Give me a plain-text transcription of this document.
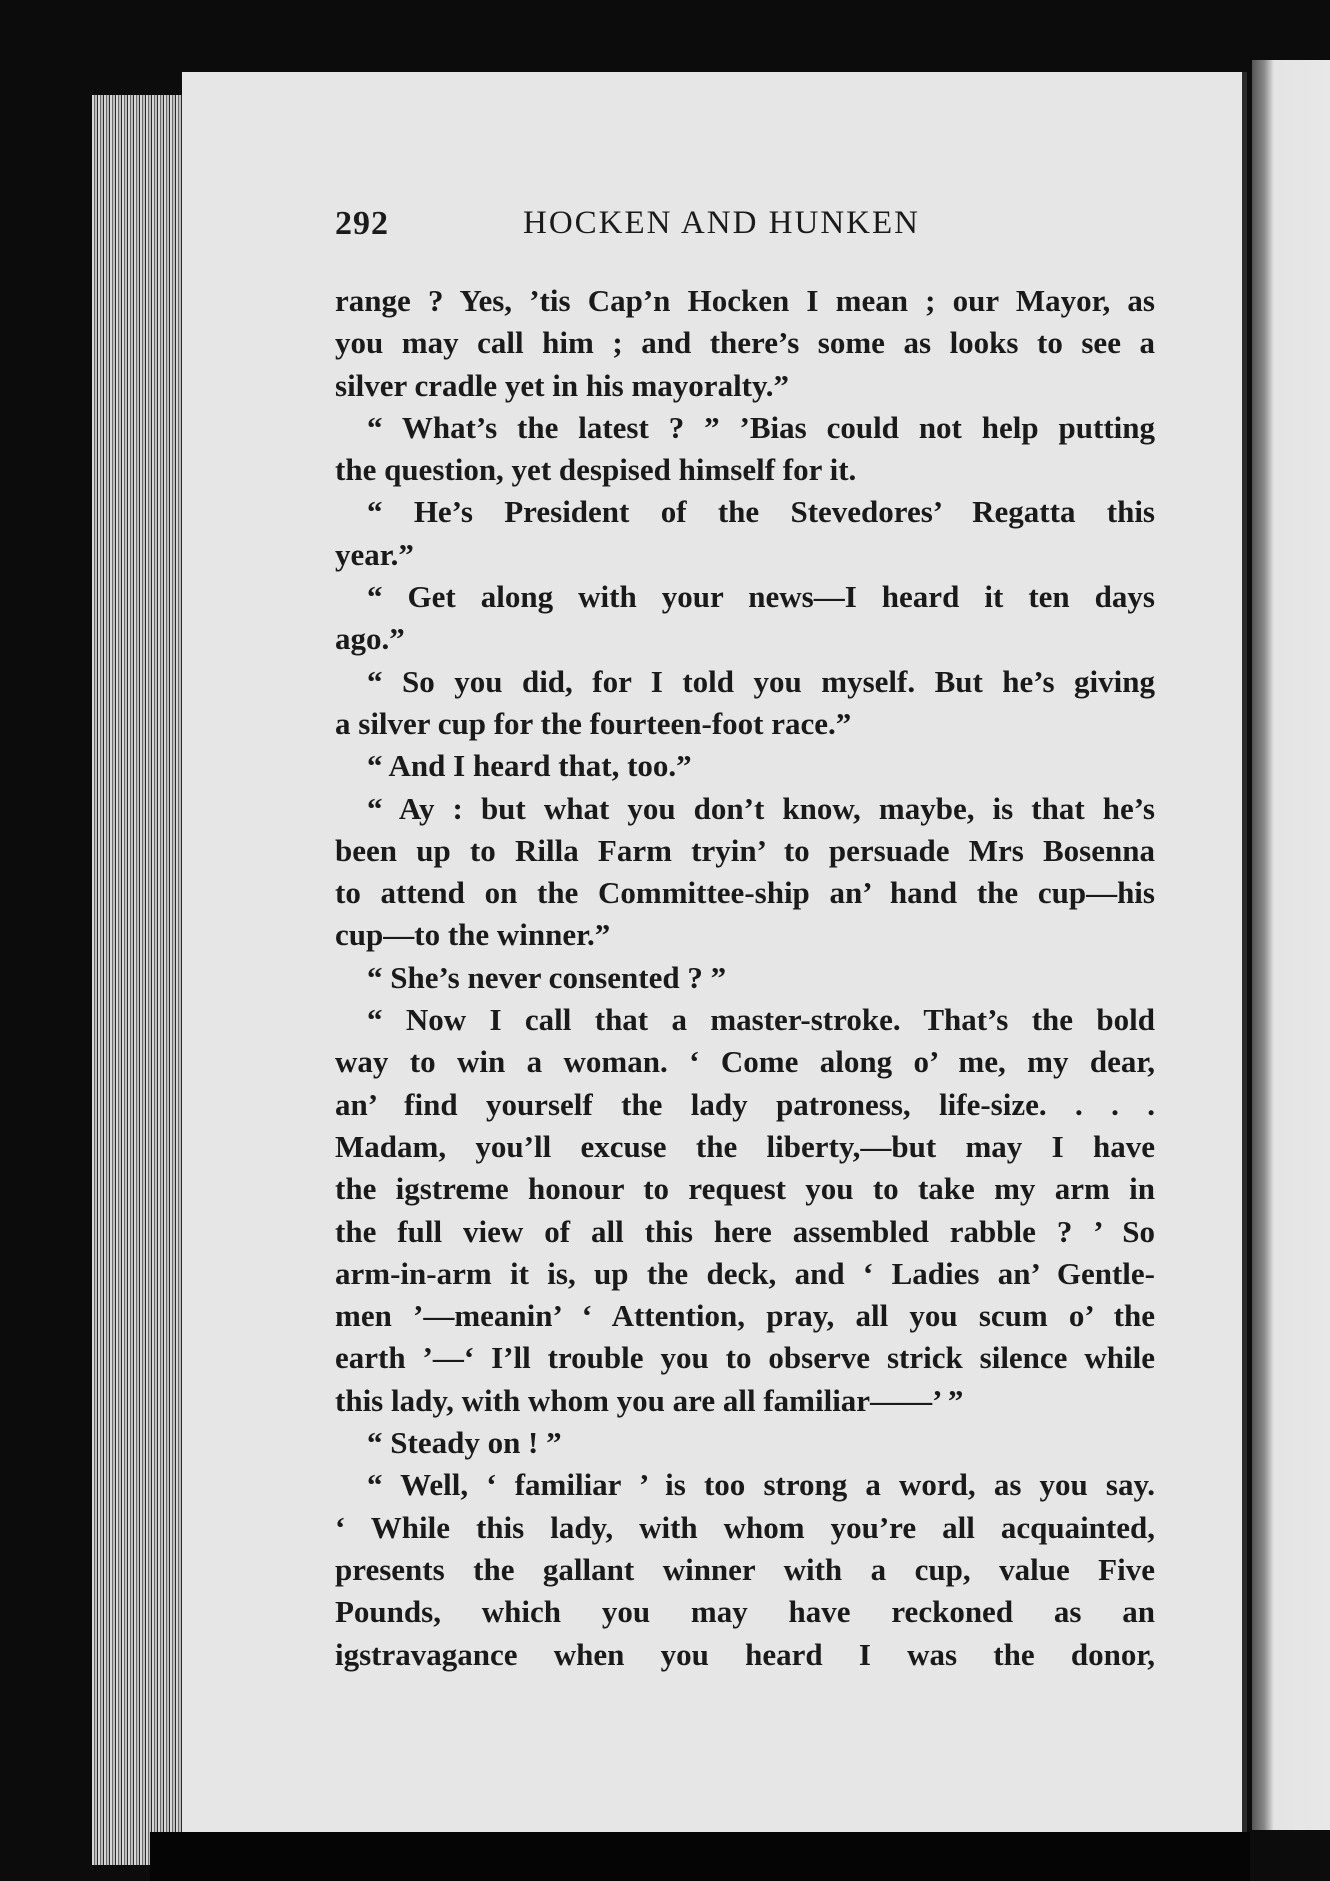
292	HOCKEN AND HUNKEN
range ? Yes, ’tis Cap’n Hocken I mean ; our Mayor, as
you may call him ; and there’s some as looks to see a
silver cradle yet in his mayoralty.”
“ What’s the latest ? ” ’Bias could not help putting
the question, yet despised himself for it.
“ He’s President of the Stevedores’ Regatta this
year.”
“ Get along with your news—I heard it ten days
ago.”
“ So you did, for I told you myself. But he’s giving
a silver cup for the fourteen-foot race.”
“ And I heard that, too.”
“ Ay : but what you don’t know, maybe, is that he’s
been up to Rilla Farm tryin’ to persuade Mrs Bosenna
to attend on the Committee-ship an’ hand the cup—his
cup—to the winner.”
“ She’s never consented ? ”
“ Now I call that a master-stroke. That’s the bold
way to win a woman. ‘ Come along o’ me, my dear,
an’ find yourself the lady patroness, life-size. . . .
Madam, you’ll excuse the liberty,—but may I have
the igstreme honour to request you to take my arm in
the full view of all this here assembled rabble ? ’ So
arm-in-arm it is, up the deck, and ‘ Ladies an’ Gentle-
men ’—meanin’ ‘ Attention, pray, all you scum o’ the
earth ’—‘ I’ll trouble you to observe strick silence while
this lady, with whom you are all familiar——’ ”
“ Steady on ! ”
“ Well, ‘ familiar ’ is too strong a word, as you say.
‘ While this lady, with whom you’re all acquainted,
presents the gallant winner with a cup, value Five
Pounds, which you may have reckoned as an
igstravagance when you heard I was the donor,
